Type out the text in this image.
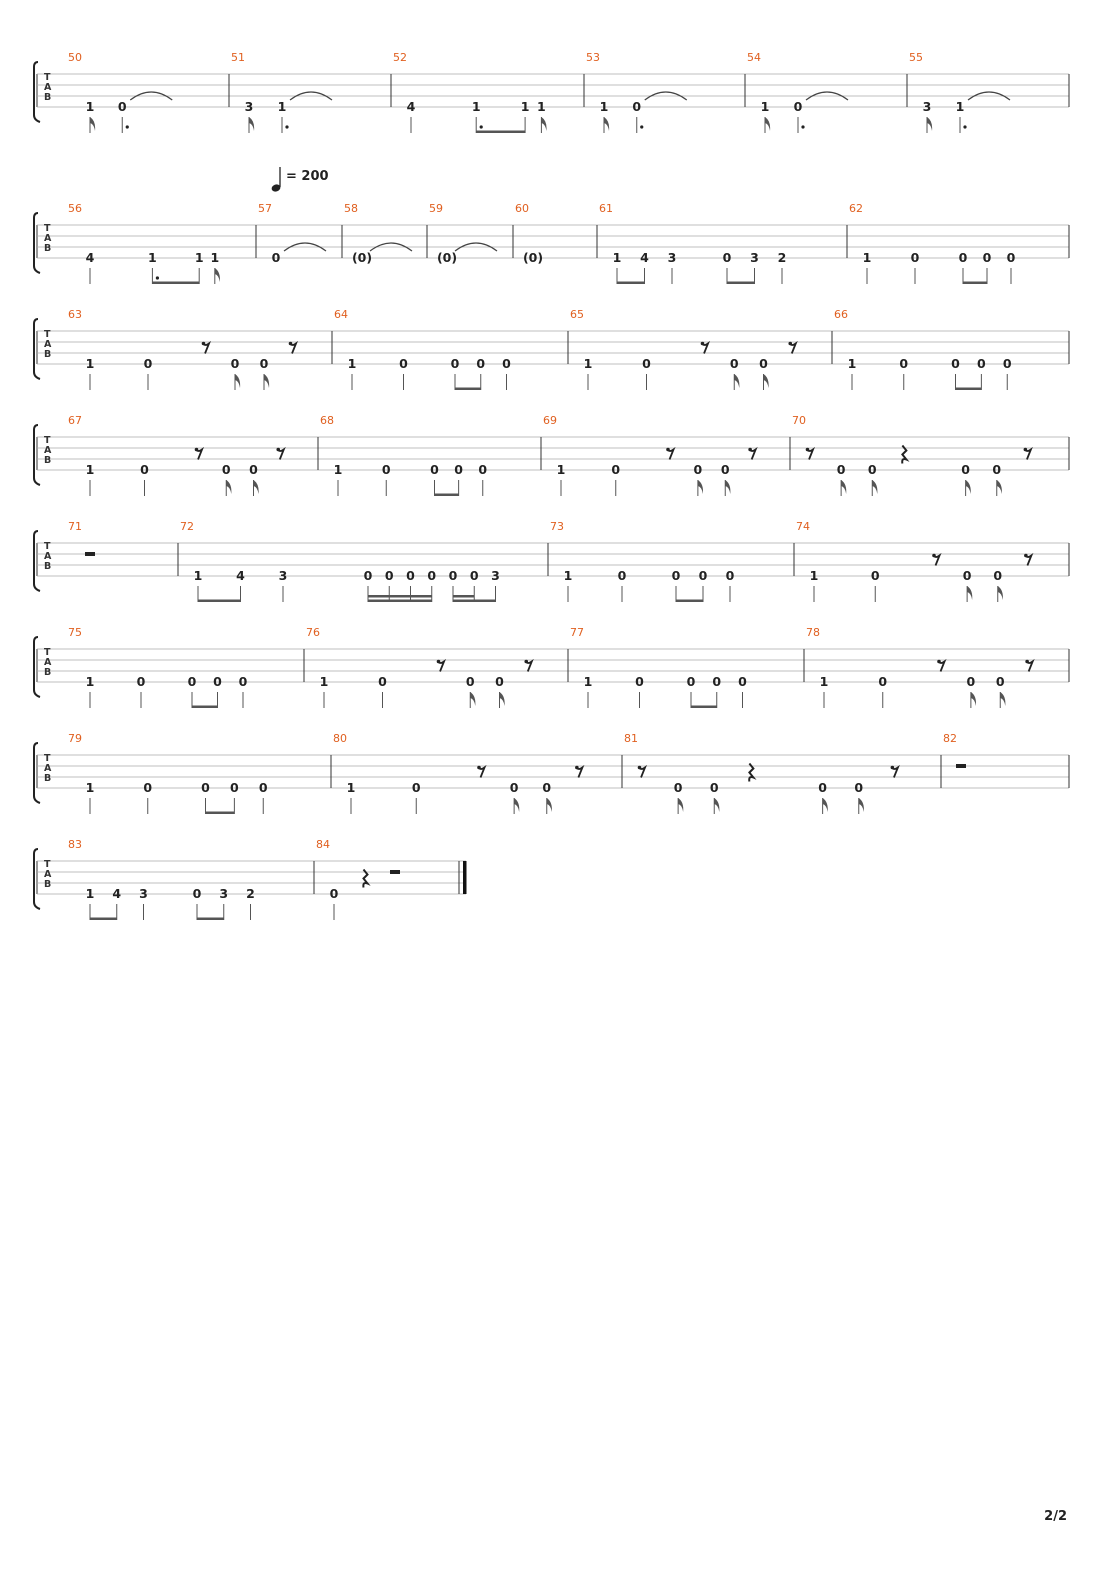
T
A
B
50
1 0
51
3 1
52
4	1	1 1
53
1 0
54
1 0
55
3 1
T
A
B
56
4	1	1 1
57
0
58
(0)
59
(0)
60
(0)
61
1 4 3	0 3 2
62
1	0	0 0 0
T
A
B
63
1	0	0 0
64
1	0	0 0 0
65
1	0	0 0
66
1	0	0 0 0
T
A
B
67
1	0	0 0
68
1	0	0 0 0
69
1	0	0 0
70
0 0	0 0
T
A
B
71	72
1	4	3	0 0 0 0 0 0 3
73
1	0	0 0 0
74
1	0	0 0
T
A
B
75
1	0	0 0 0
76
1	0	0 0
77
1	0	0 0 0
78
1	0	0 0
T
A
B
79
1	0	0 0 0
80
1	0	0 0
81
0 0	0 0
82
T
A
B
83
1 4 3	0 3 2
84
0
= 200
2/2
